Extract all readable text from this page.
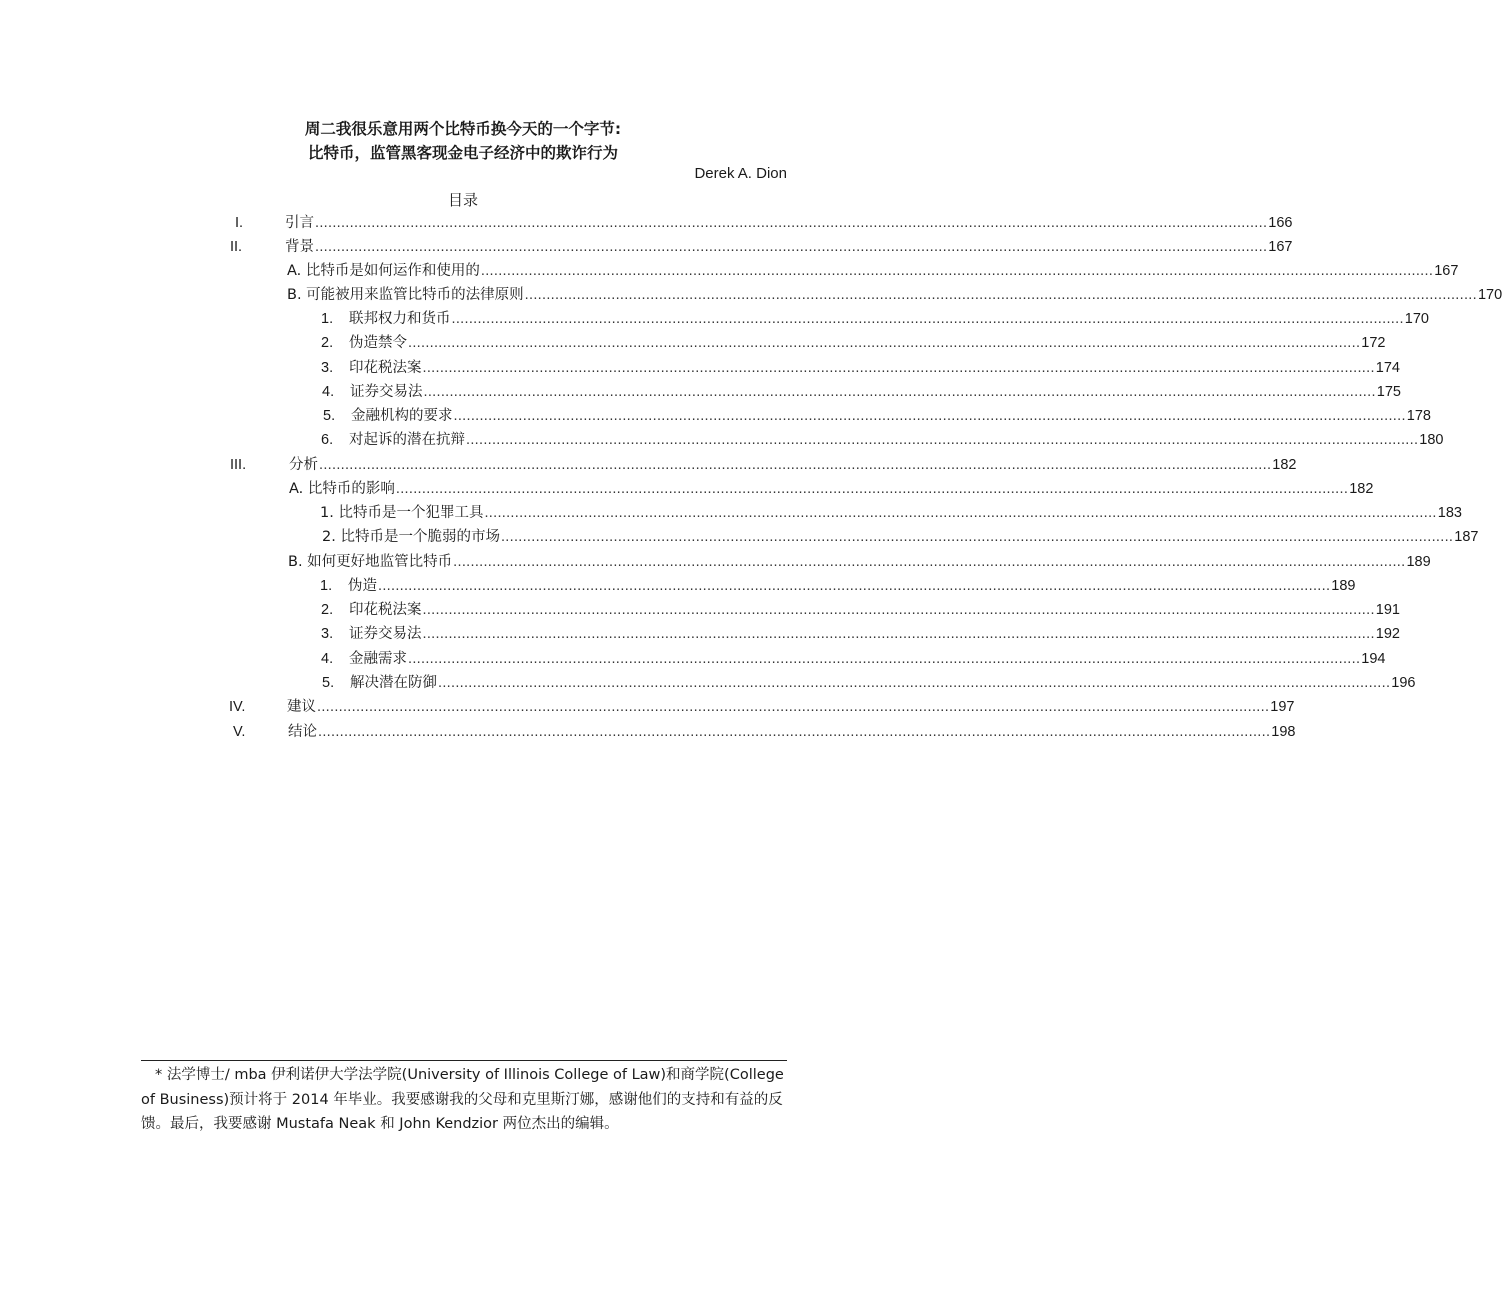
周二我很乐意用两个比特币换今天的一个字节:
比特币，监管黑客现金电子经济中的欺诈行为
Derek A. Dion
目录
I.	引言 ............................................................................................................................................................................................................................ 166
II.	背景 ............................................................................................................................................................................................................................ 167
A. 比特币是如何运作和使用的 ............................................................................................................................................................................................................................ 167
B. 可能被用来监管比特币的法律原则 ............................................................................................................................................................................................................................ 170
1. 联邦权力和货币 ............................................................................................................................................................................................................................ 170
2. 伪造禁令 ............................................................................................................................................................................................................................ 172
3. 印花税法案 ............................................................................................................................................................................................................................ 174
4. 证券交易法 ............................................................................................................................................................................................................................ 175
5. 金融机构的要求 ............................................................................................................................................................................................................................ 178
6. 对起诉的潜在抗辩 ............................................................................................................................................................................................................................ 180
III.	分析 ............................................................................................................................................................................................................................ 182
A. 比特币的影响 ............................................................................................................................................................................................................................ 182
1. 比特币是一个犯罪工具 ............................................................................................................................................................................................................................ 183
2. 比特币是一个脆弱的市场 ............................................................................................................................................................................................................................ 187
B. 如何更好地监管比特币 ............................................................................................................................................................................................................................ 189
1. 伪造 ............................................................................................................................................................................................................................ 189
2. 印花税法案 ............................................................................................................................................................................................................................ 191
3. 证券交易法 ............................................................................................................................................................................................................................ 192
4. 金融需求 ............................................................................................................................................................................................................................ 194
5. 解决潜在防御 ............................................................................................................................................................................................................................ 196
IV.	建议 ............................................................................................................................................................................................................................ 197
V.	结论 ............................................................................................................................................................................................................................ 198

* 法学博士/ mba 伊利诺伊大学法学院(University of Illinois College of Law)和商学院(College of Business)预计将于 2014 年毕业。我要感谢我的父母和克里斯汀娜，感谢他们的支持和有益的反馈。最后，我要感谢 Mustafa Neak 和 John Kendzior 两位杰出的编辑。
